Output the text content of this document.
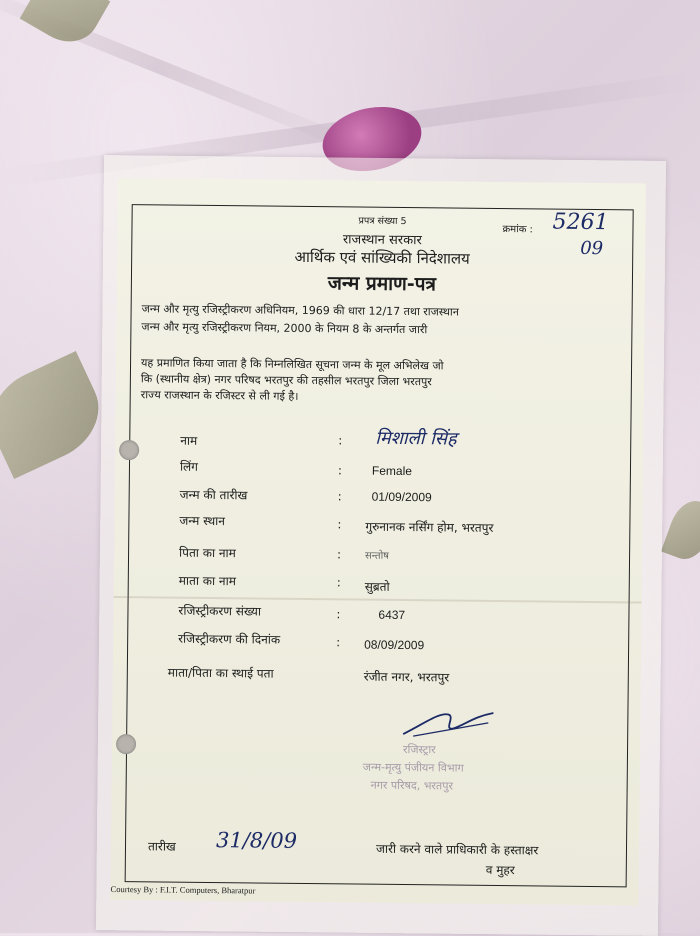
प्रपत्र संख्या 5
क्रमांक : 5261
09
राजस्थान सरकार
आर्थिक एवं सांख्यिकी निदेशालय
जन्म प्रमाण-पत्र
जन्म और मृत्यु रजिस्ट्रीकरण अधिनियम, 1969 की धारा 12/17 तथा राजस्थान
जन्म और मृत्यु रजिस्ट्रीकरण नियम, 2000 के नियम 8 के अन्तर्गत जारी
यह प्रमाणित किया जाता है कि निम्नलिखित सूचना जन्म के मूल अभिलेख जो
कि (स्थानीय क्षेत्र) नगर परिषद भरतपुर की तहसील भरतपुर जिला भरतपुर
राज्य राजस्थान के रजिस्टर से ली गई है।
नाम	: मिशाली सिंह
लिंग	: Female
जन्म की तारीख	: 01/09/2009
जन्म स्थान	: गुरुनानक नर्सिंग होम, भरतपुर
पिता का नाम	: सन्तोष
माता का नाम	: सुब्रतो
रजिस्ट्रीकरण संख्या	:	6437
रजिस्ट्रीकरण की दिनांक	: 08/09/2009
माता/पिता का स्थाई पता	रंजीत नगर, भरतपुर
रजिस्ट्रार
जन्म-मृत्यु पंजीयन विभाग
नगर परिषद, भरतपुर
तारीख 31/8/09	जारी करने वाले प्राधिकारी के हस्ताक्षर
व मुहर
Courtesy By : F.I.T. Computers, Bharatpur
